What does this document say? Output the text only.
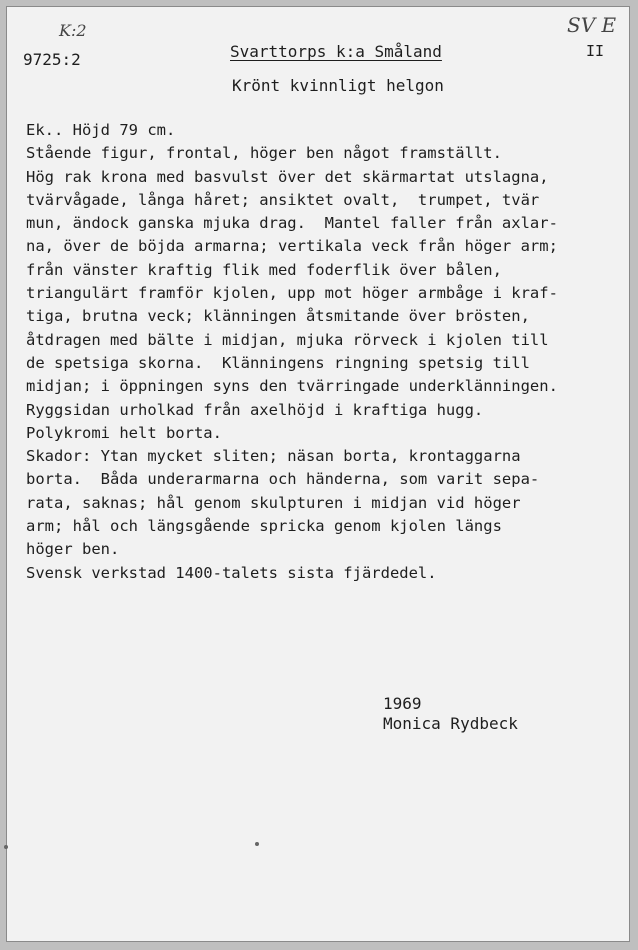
K:2	SV E
9725:2	Svarttorps k:a Småland	II
Krönt kvinnligt helgon
Ek.. Höjd 79 cm.
Stående figur, frontal, höger ben något framställt.
Hög rak krona med basvulst över det skärmartat utslagna,
tvärvågade, långa håret; ansiktet ovalt,  trumpet, tvär
mun, ändock ganska mjuka drag.  Mantel faller från axlar-
na, över de böjda armarna; vertikala veck från höger arm;
från vänster kraftig flik med foderflik över bålen,
triangulärt framför kjolen, upp mot höger armbåge i kraf-
tiga, brutna veck; klänningen åtsmitande över brösten,
åtdragen med bälte i midjan, mjuka rörveck i kjolen till
de spetsiga skorna.  Klänningens ringning spetsig till
midjan; i öppningen syns den tvärringade underklänningen.
Ryggsidan urholkad från axelhöjd i kraftiga hugg.
Polykromi helt borta.
Skador: Ytan mycket sliten; näsan borta, krontaggarna
borta.  Båda underarmarna och händerna, som varit sepa-
rata, saknas; hål genom skulpturen i midjan vid höger
arm; hål och längsgående spricka genom kjolen längs
höger ben.
Svensk verkstad 1400-talets sista fjärdedel.
1969
Monica Rydbeck
